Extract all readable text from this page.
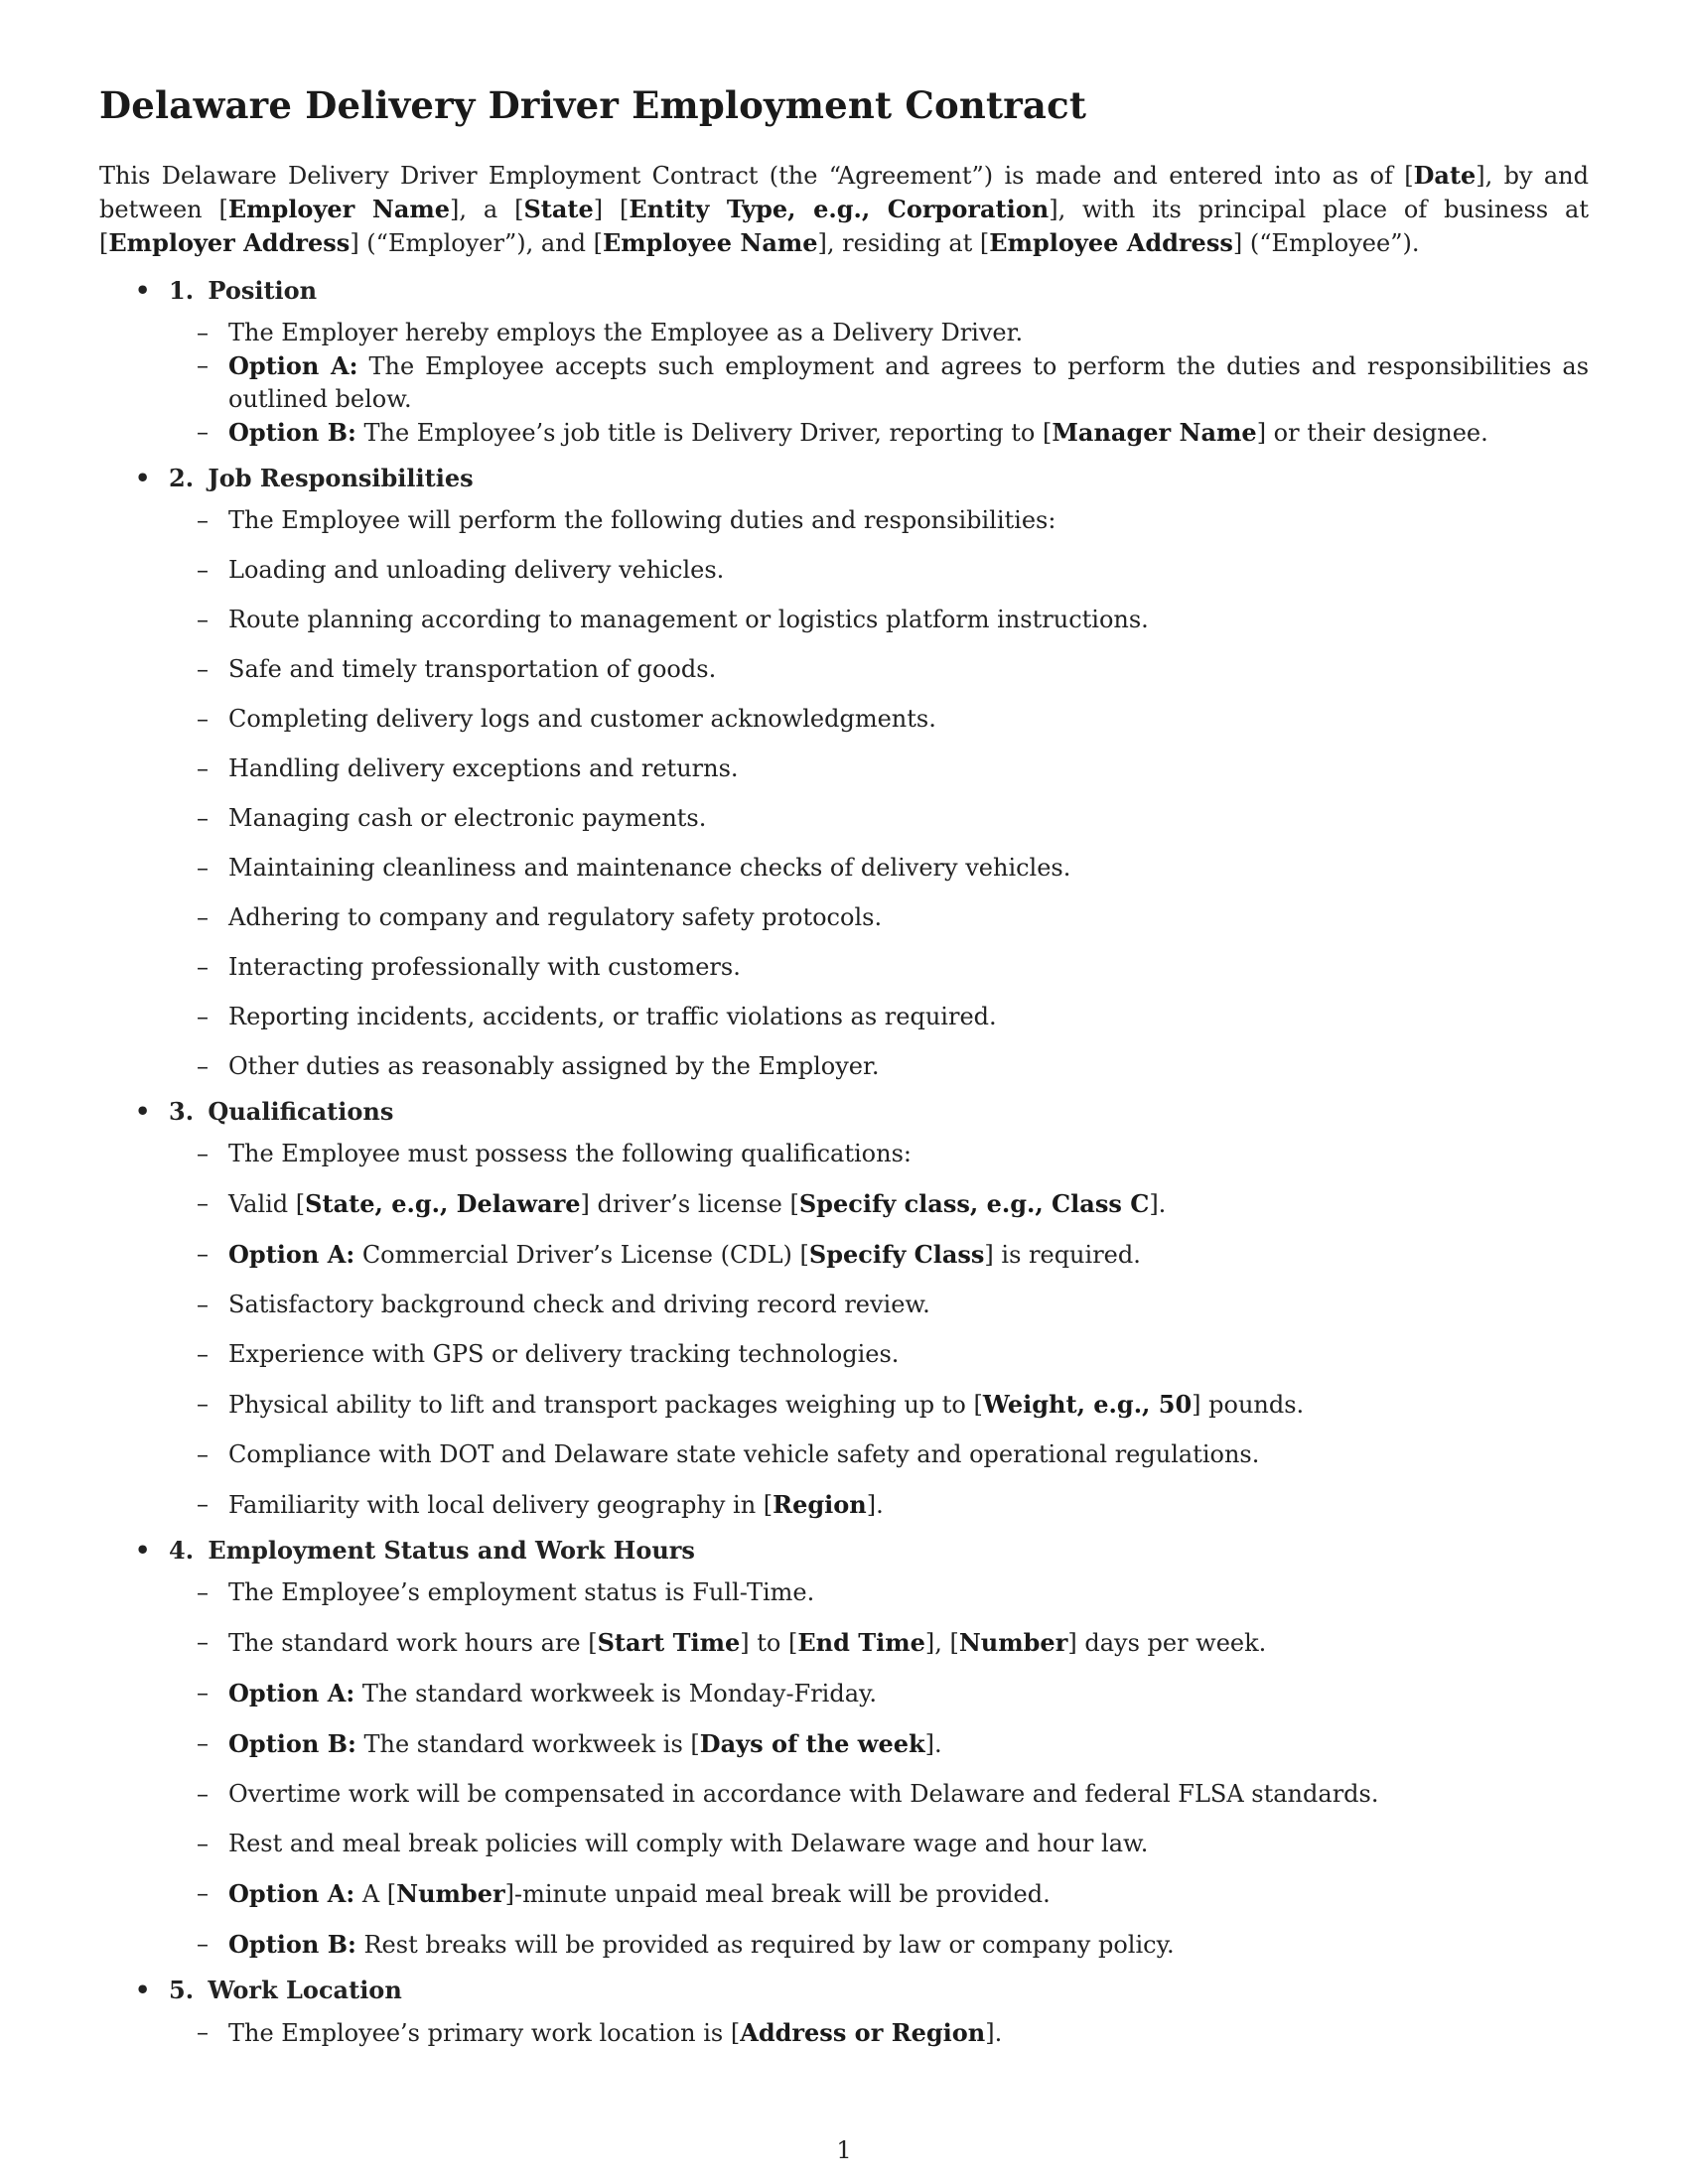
Delaware Delivery Driver Employment Contract

This Delaware Delivery Driver Employment Contract (the “Agreement”) is made and entered into as of [Date], by and between [Employer Name], a [State] [Entity Type, e.g., Corporation], with its principal place of business at [Employer Address] (“Employer”), and [Employee Name], residing at [Employee Address] (“Employee”).

• 1. Position
– The Employer hereby employs the Employee as a Delivery Driver.
– Option A: The Employee accepts such employment and agrees to perform the duties and responsibilities as outlined below.
– Option B: The Employee’s job title is Delivery Driver, reporting to [Manager Name] or their designee.
• 2. Job Responsibilities
– The Employee will perform the following duties and responsibilities:
– Loading and unloading delivery vehicles.
– Route planning according to management or logistics platform instructions.
– Safe and timely transportation of goods.
– Completing delivery logs and customer acknowledgments.
– Handling delivery exceptions and returns.
– Managing cash or electronic payments.
– Maintaining cleanliness and maintenance checks of delivery vehicles.
– Adhering to company and regulatory safety protocols.
– Interacting professionally with customers.
– Reporting incidents, accidents, or traffic violations as required.
– Other duties as reasonably assigned by the Employer.
• 3. Qualifications
– The Employee must possess the following qualifications:
– Valid [State, e.g., Delaware] driver’s license [Specify class, e.g., Class C].
– Option A: Commercial Driver’s License (CDL) [Specify Class] is required.
– Satisfactory background check and driving record review.
– Experience with GPS or delivery tracking technologies.
– Physical ability to lift and transport packages weighing up to [Weight, e.g., 50] pounds.
– Compliance with DOT and Delaware state vehicle safety and operational regulations.
– Familiarity with local delivery geography in [Region].
• 4. Employment Status and Work Hours
– The Employee’s employment status is Full-Time.
– The standard work hours are [Start Time] to [End Time], [Number] days per week.
– Option A: The standard workweek is Monday-Friday.
– Option B: The standard workweek is [Days of the week].
– Overtime work will be compensated in accordance with Delaware and federal FLSA standards.
– Rest and meal break policies will comply with Delaware wage and hour law.
– Option A: A [Number]-minute unpaid meal break will be provided.
– Option B: Rest breaks will be provided as required by law or company policy.
• 5. Work Location
– The Employee’s primary work location is [Address or Region].
1
